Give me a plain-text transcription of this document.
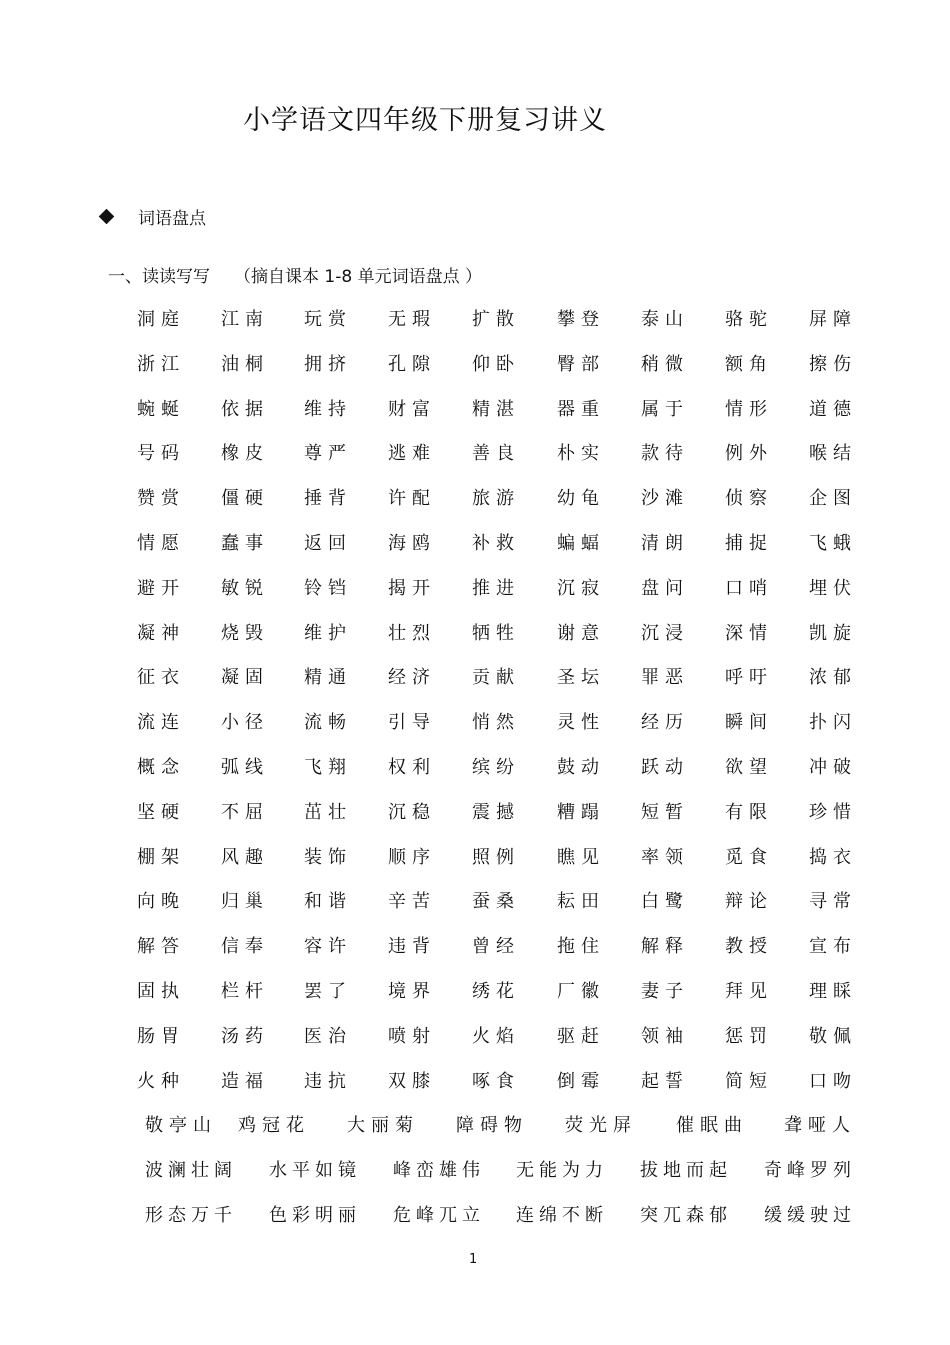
小学语文四年级下册复习讲义
词语盘点
一、读读写写 （摘自课本 1-8 单元词语盘点 ）
洞庭 江南 玩赏 无瑕 扩散 攀登 泰山 骆驼 屏障
浙江 油桐 拥挤 孔隙 仰卧 臀部 稍微 额角 擦伤
蜿蜒 依据 维持 财富 精湛 器重 属于 情形 道德
号码 橡皮 尊严 逃难 善良 朴实 款待 例外 喉结
赞赏 僵硬 捶背 许配 旅游 幼龟 沙滩 侦察 企图
情愿 蠢事 返回 海鸥 补救 蝙蝠 清朗 捕捉 飞蛾
避开 敏锐 铃铛 揭开 推进 沉寂 盘问 口哨 埋伏
凝神 烧毁 维护 壮烈 牺牲 谢意 沉浸 深情 凯旋
征衣 凝固 精通 经济 贡献 圣坛 罪恶 呼吁 浓郁
流连 小径 流畅 引导 悄然 灵性 经历 瞬间 扑闪
概念 弧线 飞翔 权利 缤纷 鼓动 跃动 欲望 冲破
坚硬 不屈 茁壮 沉稳 震撼 糟蹋 短暂 有限 珍惜
棚架 风趣 装饰 顺序 照例 瞧见 率领 觅食 捣衣
向晚 归巢 和谐 辛苦 蚕桑 耘田 白鹭 辩论 寻常
解答 信奉 容许 违背 曾经 拖住 解释 教授 宣布
固执 栏杆 罢了 境界 绣花 厂徽 妻子 拜见 理睬
肠胃 汤药 医治 喷射 火焰 驱赶 领袖 惩罚 敬佩
火种 造福 违抗 双膝 啄食 倒霉 起誓 简短 口吻
敬亭山 鸡冠花 大丽菊 障碍物 荧光屏 催眠曲 聋哑人
波澜壮阔 水平如镜 峰峦雄伟 无能为力 拔地而起 奇峰罗列
形态万千 色彩明丽 危峰兀立 连绵不断 突兀森郁 缓缓驶过
1
